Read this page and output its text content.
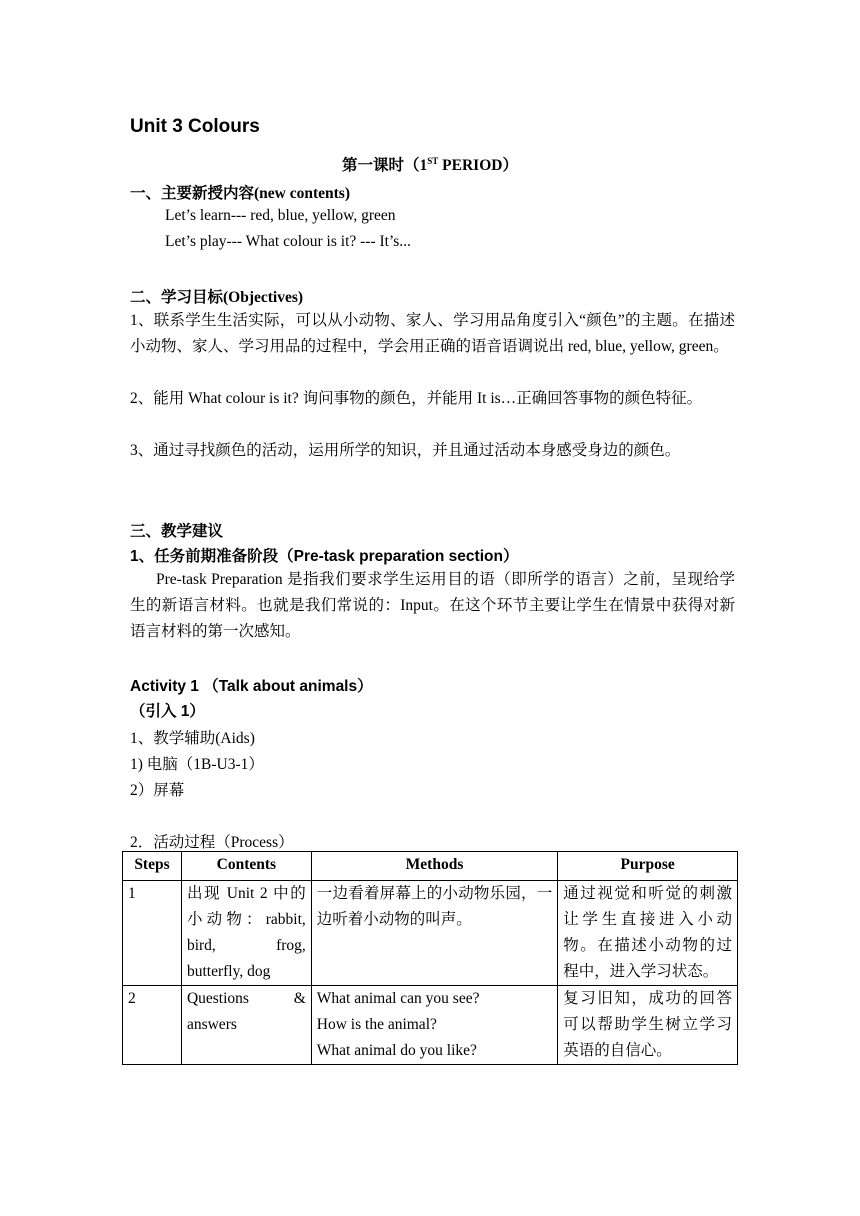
Unit 3 Colours
第一课时（1ST PERIOD）
一、主要新授内容(new contents)
Let’s learn--- red, blue, yellow, green
Let’s play--- What colour is it? --- It’s...
二、学习目标(Objectives)
1、联系学生生活实际，可以从小动物、家人、学习用品角度引入“颜色”的主题。在描述小动物、家人、学习用品的过程中，学会用正确的语音语调说出 red, blue, yellow, green。
2、能用 What colour is it? 询问事物的颜色，并能用 It is…正确回答事物的颜色特征。
3、通过寻找颜色的活动，运用所学的知识，并且通过活动本身感受身边的颜色。
三、教学建议
1、任务前期准备阶段（Pre-task preparation section）
Pre-task Preparation 是指我们要求学生运用目的语（即所学的语言）之前，呈现给学生的新语言材料。也就是我们常说的：Input。在这个环节主要让学生在情景中获得对新语言材料的第一次感知。
Activity 1 （Talk about animals）
（引入 1）
1、教学辅助(Aids)
1) 电脑（1B-U3-1）
2）屏幕
2．活动过程（Process）
Steps	Contents	Methods	Purpose
1	出现 Unit 2 中的小动物：rabbit, bird, frog, butterfly, dog	一边看着屏幕上的小动物乐园，一边听着小动物的叫声。	通过视觉和听觉的刺激让学生直接进入小动物。在描述小动物的过程中，进入学习状态。
2	Questions & answers	What animal can you see?
How is the animal?
What animal do you like?	复习旧知，成功的回答可以帮助学生树立学习英语的自信心。
